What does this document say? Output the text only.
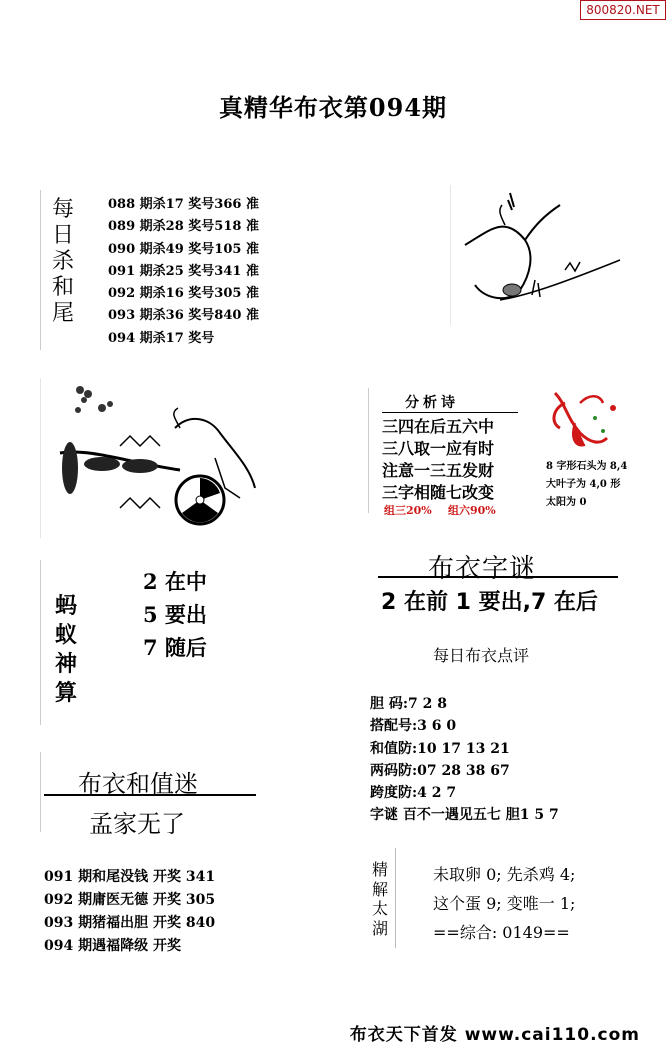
800820.NET
真精华布衣第094期
每
日
杀
和
尾
088 期杀17 奖号366 准
089 期杀28 奖号518 准
090 期杀49 奖号105 准
091 期杀25 奖号341 准
092 期杀16 奖号305 准
093 期杀36 奖号840 准
094 期杀17 奖号
分析诗
三四在后五六中
三八取一应有时
注意一三五发财
三字相随七改变
组三20% 组六90%
8 字形石头为 8,4
大叶子为 4,0 形
太阳为 0
蚂
蚁
神
算
2 在中
5 要出
7 随后
布衣字谜
2 在前 1 要出,7 在后
每日布衣点评
胆 码:7 2 8
搭配号:3 6 0
和值防:10 17 13 21
两码防:07 28 38 67
跨度防:4 2 7
字谜 百不一遇见五七 胆1 5 7
布衣和值迷
孟家无了
091 期和尾没钱 开奖 341
092 期庸医无德 开奖 305
093 期猪福出胆 开奖 840
094 期遇福降级 开奖
精
解
太
湖
未取卵 0; 先杀鸡 4;
这个蛋 9; 变唯一 1;
==综合: 0149==
布衣天下首发 www.cai110.com
